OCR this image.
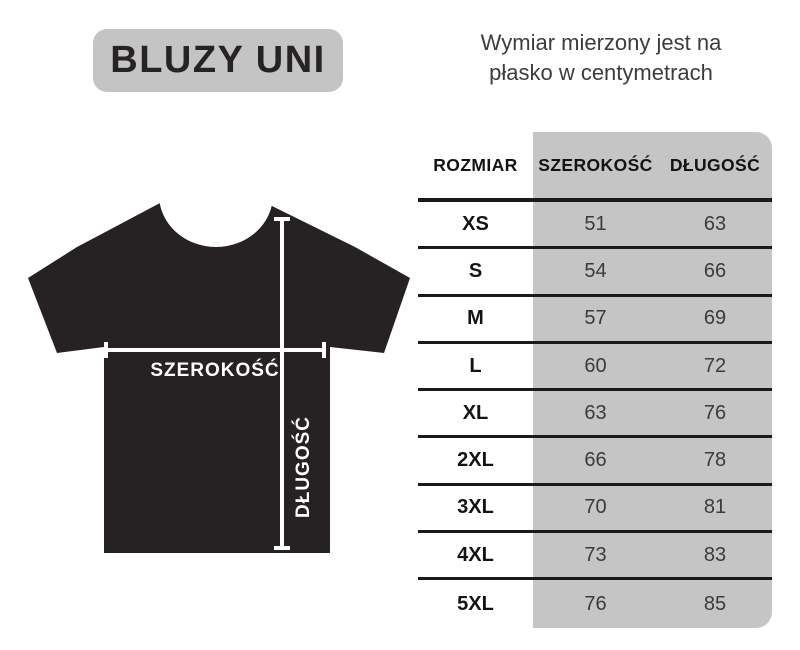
BLUZY UNI	Wymiar mierzony jest na
płasko w centymetrach
SZEROKOŚĆ
DŁUGOŚĆ
ROZMIAR	SZEROKOŚĆ DŁUGOŚĆ
XS	51	63
S	54	66
M	57	69
L	60	72
XL	63	76
2XL	66	78
3XL	70	81
4XL	73	83
5XL	76	85
